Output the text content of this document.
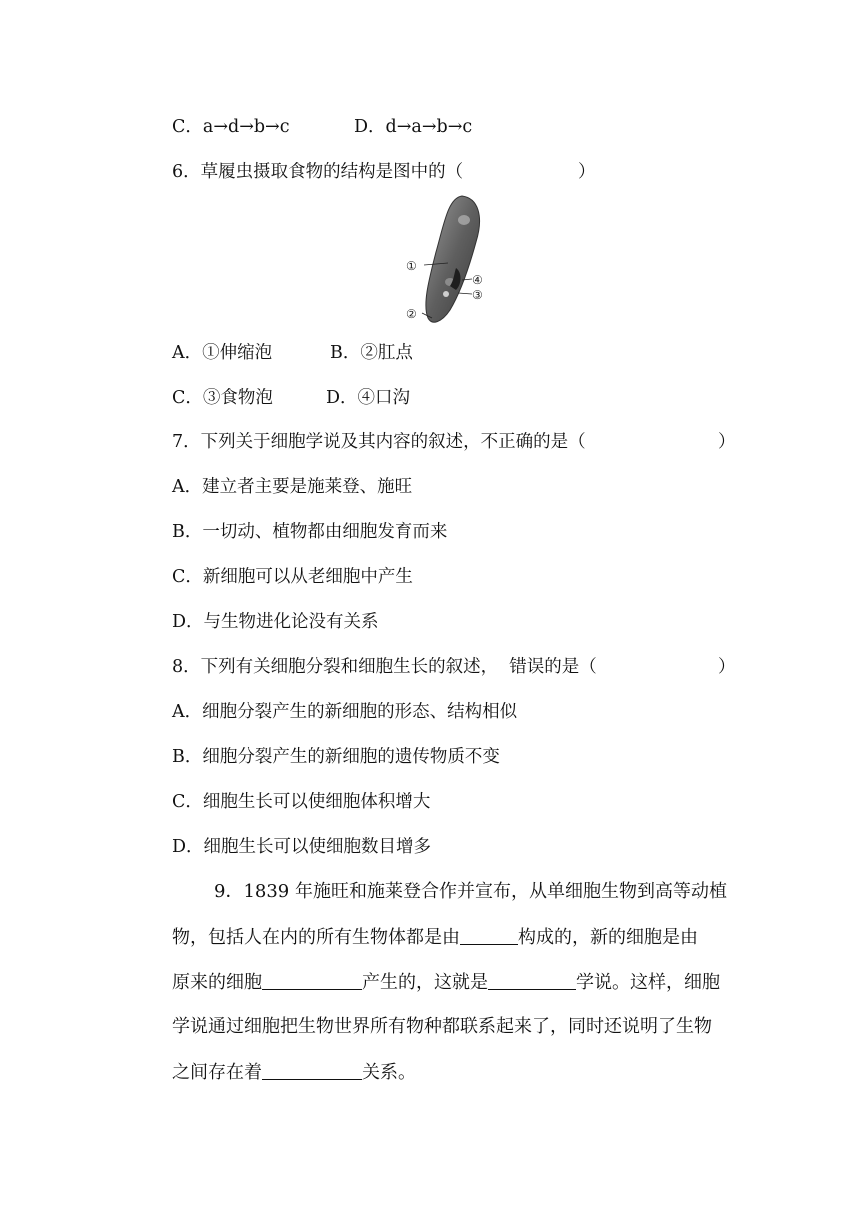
C．a→d→b→c	D．d→a→b→c
6．草履虫摄取食物的结构是图中的（	）
①
②
③
④
A．①伸缩泡	B．②肛点
C．③食物泡	D．④口沟
7．下列关于细胞学说及其内容的叙述，不正确的是（	）
A．建立者主要是施莱登、施旺
B．一切动、植物都由细胞发育而来
C．新细胞可以从老细胞中产生
D．与生物进化论没有关系
8．下列有关细胞分裂和细胞生长的叙述，  错误的是（	）
A．细胞分裂产生的新细胞的形态、结构相似
B．细胞分裂产生的新细胞的遗传物质不变
C．细胞生长可以使细胞体积增大
D．细胞生长可以使细胞数目增多
9．1839 年施旺和施莱登合作并宣布，从单细胞生物到高等动植
物，包括人在内的所有生物体都是由	构成的，新的细胞是由
原来的细胞	产生的，这就是	学说。这样，细胞
学说通过细胞把生物世界所有物种都联系起来了，同时还说明了生物
之间存在着	关系。
